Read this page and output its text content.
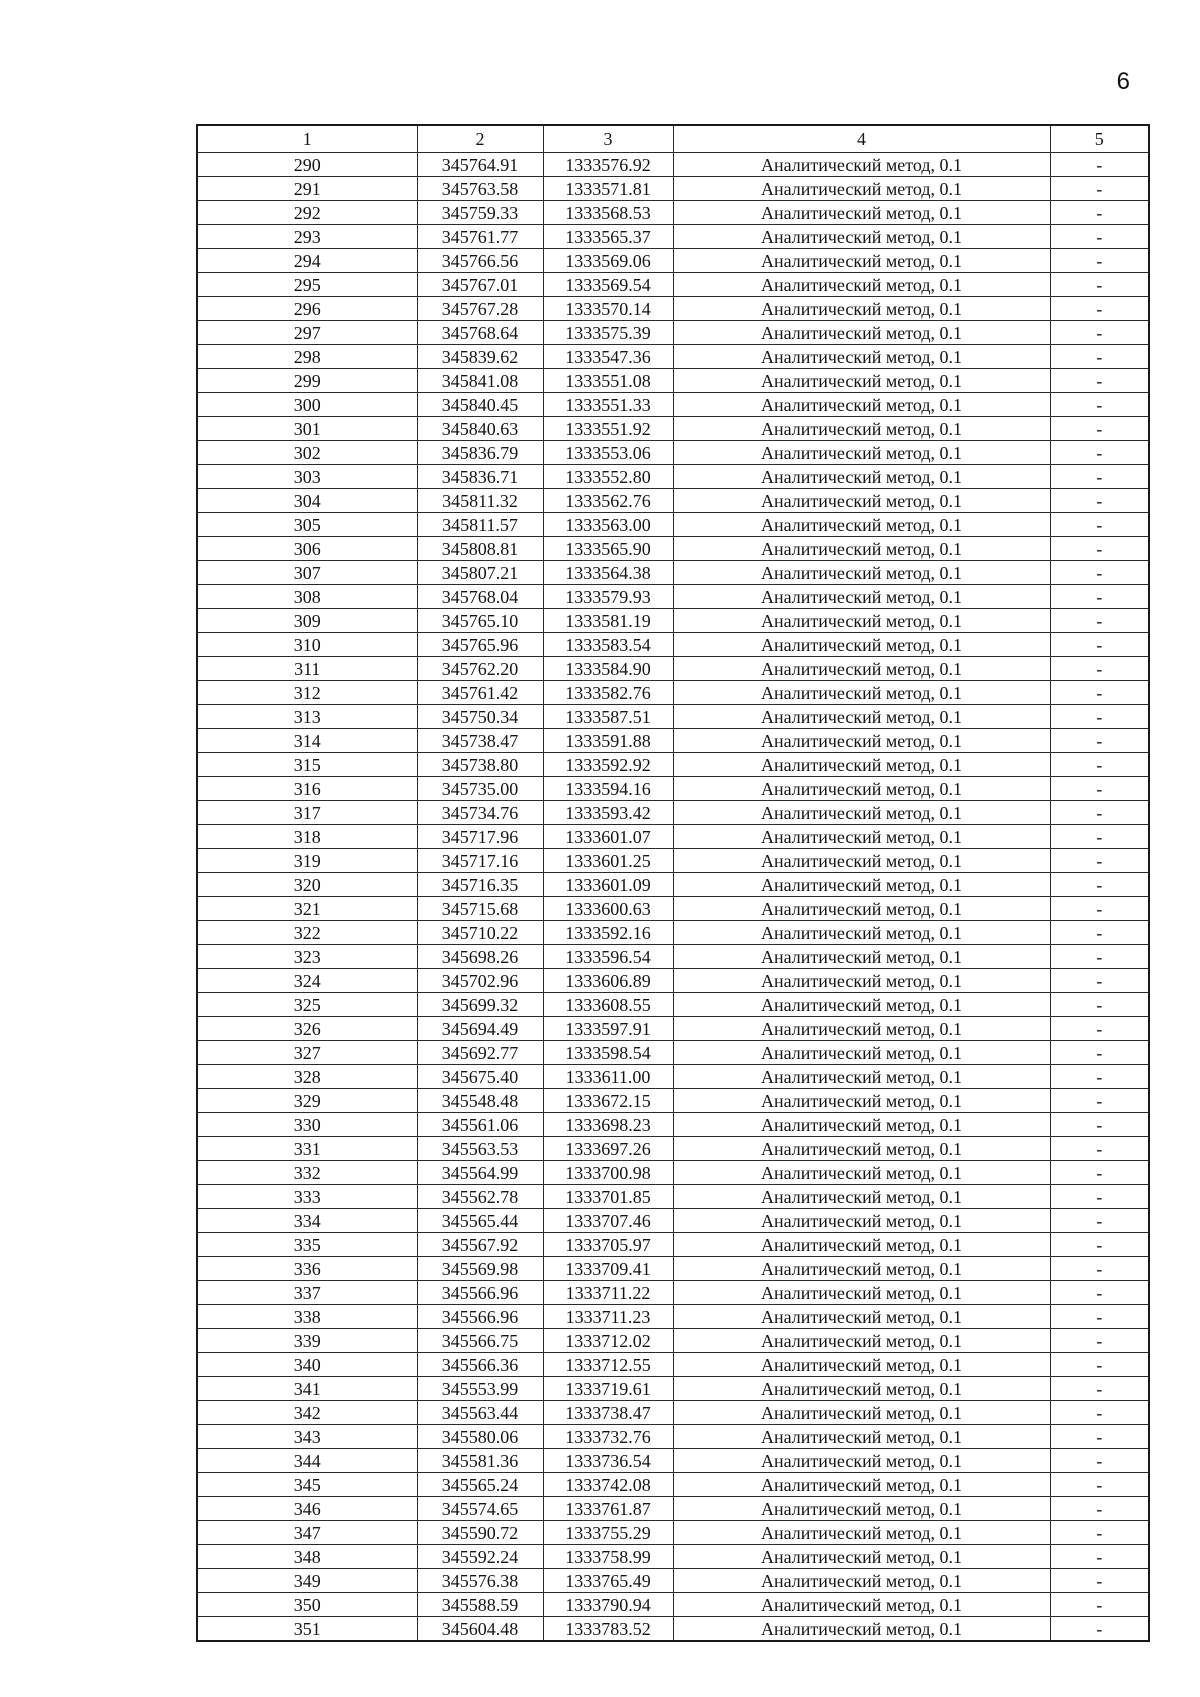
6
1	2	3	4	5
290	345764.91	1333576.92	Аналитический метод, 0.1	-
291	345763.58	1333571.81	Аналитический метод, 0.1	-
292	345759.33	1333568.53	Аналитический метод, 0.1	-
293	345761.77	1333565.37	Аналитический метод, 0.1	-
294	345766.56	1333569.06	Аналитический метод, 0.1	-
295	345767.01	1333569.54	Аналитический метод, 0.1	-
296	345767.28	1333570.14	Аналитический метод, 0.1	-
297	345768.64	1333575.39	Аналитический метод, 0.1	-
298	345839.62	1333547.36	Аналитический метод, 0.1	-
299	345841.08	1333551.08	Аналитический метод, 0.1	-
300	345840.45	1333551.33	Аналитический метод, 0.1	-
301	345840.63	1333551.92	Аналитический метод, 0.1	-
302	345836.79	1333553.06	Аналитический метод, 0.1	-
303	345836.71	1333552.80	Аналитический метод, 0.1	-
304	345811.32	1333562.76	Аналитический метод, 0.1	-
305	345811.57	1333563.00	Аналитический метод, 0.1	-
306	345808.81	1333565.90	Аналитический метод, 0.1	-
307	345807.21	1333564.38	Аналитический метод, 0.1	-
308	345768.04	1333579.93	Аналитический метод, 0.1	-
309	345765.10	1333581.19	Аналитический метод, 0.1	-
310	345765.96	1333583.54	Аналитический метод, 0.1	-
311	345762.20	1333584.90	Аналитический метод, 0.1	-
312	345761.42	1333582.76	Аналитический метод, 0.1	-
313	345750.34	1333587.51	Аналитический метод, 0.1	-
314	345738.47	1333591.88	Аналитический метод, 0.1	-
315	345738.80	1333592.92	Аналитический метод, 0.1	-
316	345735.00	1333594.16	Аналитический метод, 0.1	-
317	345734.76	1333593.42	Аналитический метод, 0.1	-
318	345717.96	1333601.07	Аналитический метод, 0.1	-
319	345717.16	1333601.25	Аналитический метод, 0.1	-
320	345716.35	1333601.09	Аналитический метод, 0.1	-
321	345715.68	1333600.63	Аналитический метод, 0.1	-
322	345710.22	1333592.16	Аналитический метод, 0.1	-
323	345698.26	1333596.54	Аналитический метод, 0.1	-
324	345702.96	1333606.89	Аналитический метод, 0.1	-
325	345699.32	1333608.55	Аналитический метод, 0.1	-
326	345694.49	1333597.91	Аналитический метод, 0.1	-
327	345692.77	1333598.54	Аналитический метод, 0.1	-
328	345675.40	1333611.00	Аналитический метод, 0.1	-
329	345548.48	1333672.15	Аналитический метод, 0.1	-
330	345561.06	1333698.23	Аналитический метод, 0.1	-
331	345563.53	1333697.26	Аналитический метод, 0.1	-
332	345564.99	1333700.98	Аналитический метод, 0.1	-
333	345562.78	1333701.85	Аналитический метод, 0.1	-
334	345565.44	1333707.46	Аналитический метод, 0.1	-
335	345567.92	1333705.97	Аналитический метод, 0.1	-
336	345569.98	1333709.41	Аналитический метод, 0.1	-
337	345566.96	1333711.22	Аналитический метод, 0.1	-
338	345566.96	1333711.23	Аналитический метод, 0.1	-
339	345566.75	1333712.02	Аналитический метод, 0.1	-
340	345566.36	1333712.55	Аналитический метод, 0.1	-
341	345553.99	1333719.61	Аналитический метод, 0.1	-
342	345563.44	1333738.47	Аналитический метод, 0.1	-
343	345580.06	1333732.76	Аналитический метод, 0.1	-
344	345581.36	1333736.54	Аналитический метод, 0.1	-
345	345565.24	1333742.08	Аналитический метод, 0.1	-
346	345574.65	1333761.87	Аналитический метод, 0.1	-
347	345590.72	1333755.29	Аналитический метод, 0.1	-
348	345592.24	1333758.99	Аналитический метод, 0.1	-
349	345576.38	1333765.49	Аналитический метод, 0.1	-
350	345588.59	1333790.94	Аналитический метод, 0.1	-
351	345604.48	1333783.52	Аналитический метод, 0.1	-
